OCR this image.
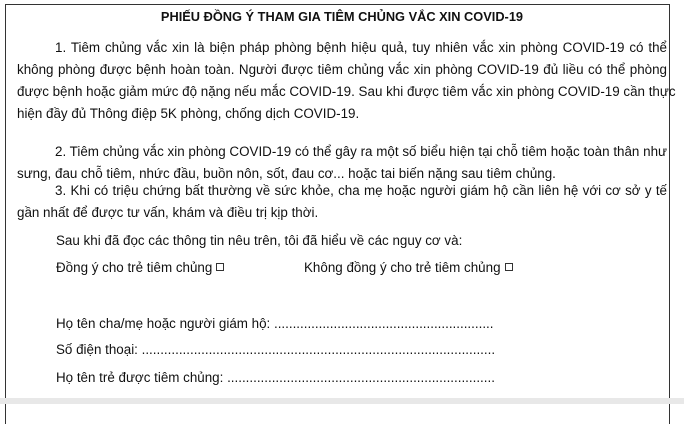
PHIẾU ĐỒNG Ý THAM GIA TIÊM CHỦNG VẮC XIN COVID-19
1. Tiêm chủng vắc xin là biện pháp phòng bệnh hiệu quả, tuy nhiên vắc xin phòng COVID-19 có thể
không phòng được bệnh hoàn toàn. Người được tiêm chủng vắc xin phòng COVID-19 đủ liều có thể phòng
được bệnh hoặc giảm mức độ nặng nếu mắc COVID-19. Sau khi được tiêm vắc xin phòng COVID-19 cần thực
hiện đầy đủ Thông điệp 5K phòng, chống dịch COVID-19.
2. Tiêm chủng vắc xin phòng COVID-19 có thể gây ra một số biểu hiện tại chỗ tiêm hoặc toàn thân như
sưng, đau chỗ tiêm, nhức đầu, buồn nôn, sốt, đau cơ... hoặc tai biến nặng sau tiêm chủng.
3. Khi có triệu chứng bất thường về sức khỏe, cha mẹ hoặc người giám hộ cần liên hệ với cơ sở y tế
gần nhất để được tư vấn, khám và điều trị kịp thời.
Sau khi đã đọc các thông tin nêu trên, tôi đã hiểu về các nguy cơ và:
Đồng ý cho trẻ tiêm chủng	Không đồng ý cho trẻ tiêm chủng
Họ tên cha/mẹ hoặc người giám hộ: ...........................................................
Số điện thoại: ...............................................................................................
Họ tên trẻ được tiêm chủng: ........................................................................
